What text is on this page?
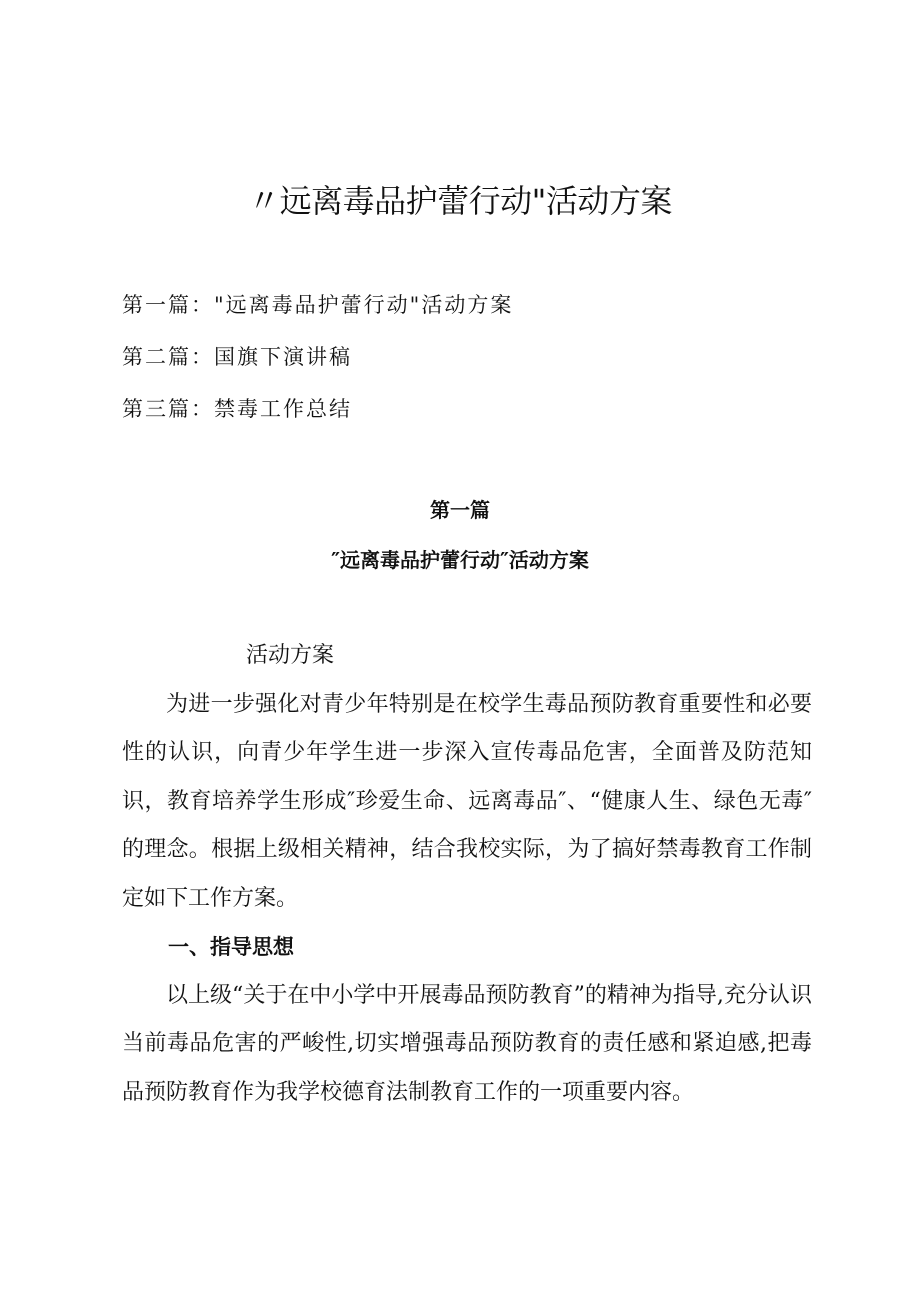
〃远离毒品护蕾行动"活动方案
第一篇："远离毒品护蕾行动"活动方案
第二篇：国旗下演讲稿
第三篇：禁毒工作总结
第一篇
″远离毒品护蕾行动″活动方案
活动方案

为进一步强化对青少年特别是在校学生毒品预防教育重要性和必要性的认识，向青少年学生进一步深入宣传毒品危害，全面普及防范知识，教育培养学生形成″珍爱生命、远离毒品″、“健康人生、绿色无毒″的理念。根据上级相关精神，结合我校实际，为了搞好禁毒教育工作制定如下工作方案。

一、指导思想

以上级“关于在中小学中开展毒品预防教育”的精神为指导,充分认识当前毒品危害的严峻性,切实增强毒品预防教育的责任感和紧迫感,把毒品预防教育作为我学校德育法制教育工作的一项重要内容。
